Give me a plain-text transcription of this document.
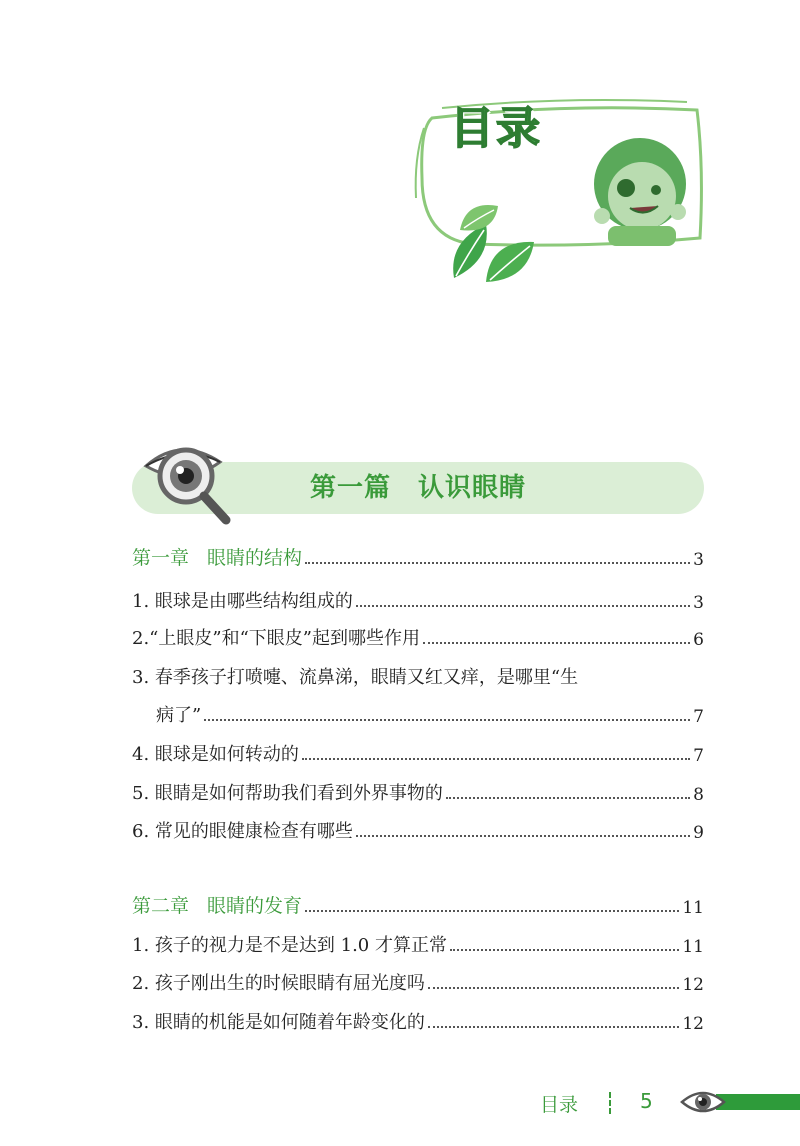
目录
第一篇　认识眼睛
第一章 眼睛的结构	3
1. 眼球是由哪些结构组成的	3
2.“上眼皮”和“下眼皮”起到哪些作用	6
3. 春季孩子打喷嚏、流鼻涕，眼睛又红又痒，是哪里“生
病了”	7
4. 眼球是如何转动的	7
5. 眼睛是如何帮助我们看到外界事物的	8
6. 常见的眼健康检查有哪些	9
第二章 眼睛的发育	11
1. 孩子的视力是不是达到 1.0 才算正常	11
2. 孩子刚出生的时候眼睛有屈光度吗	12
3. 眼睛的机能是如何随着年龄变化的	12
目录	5
